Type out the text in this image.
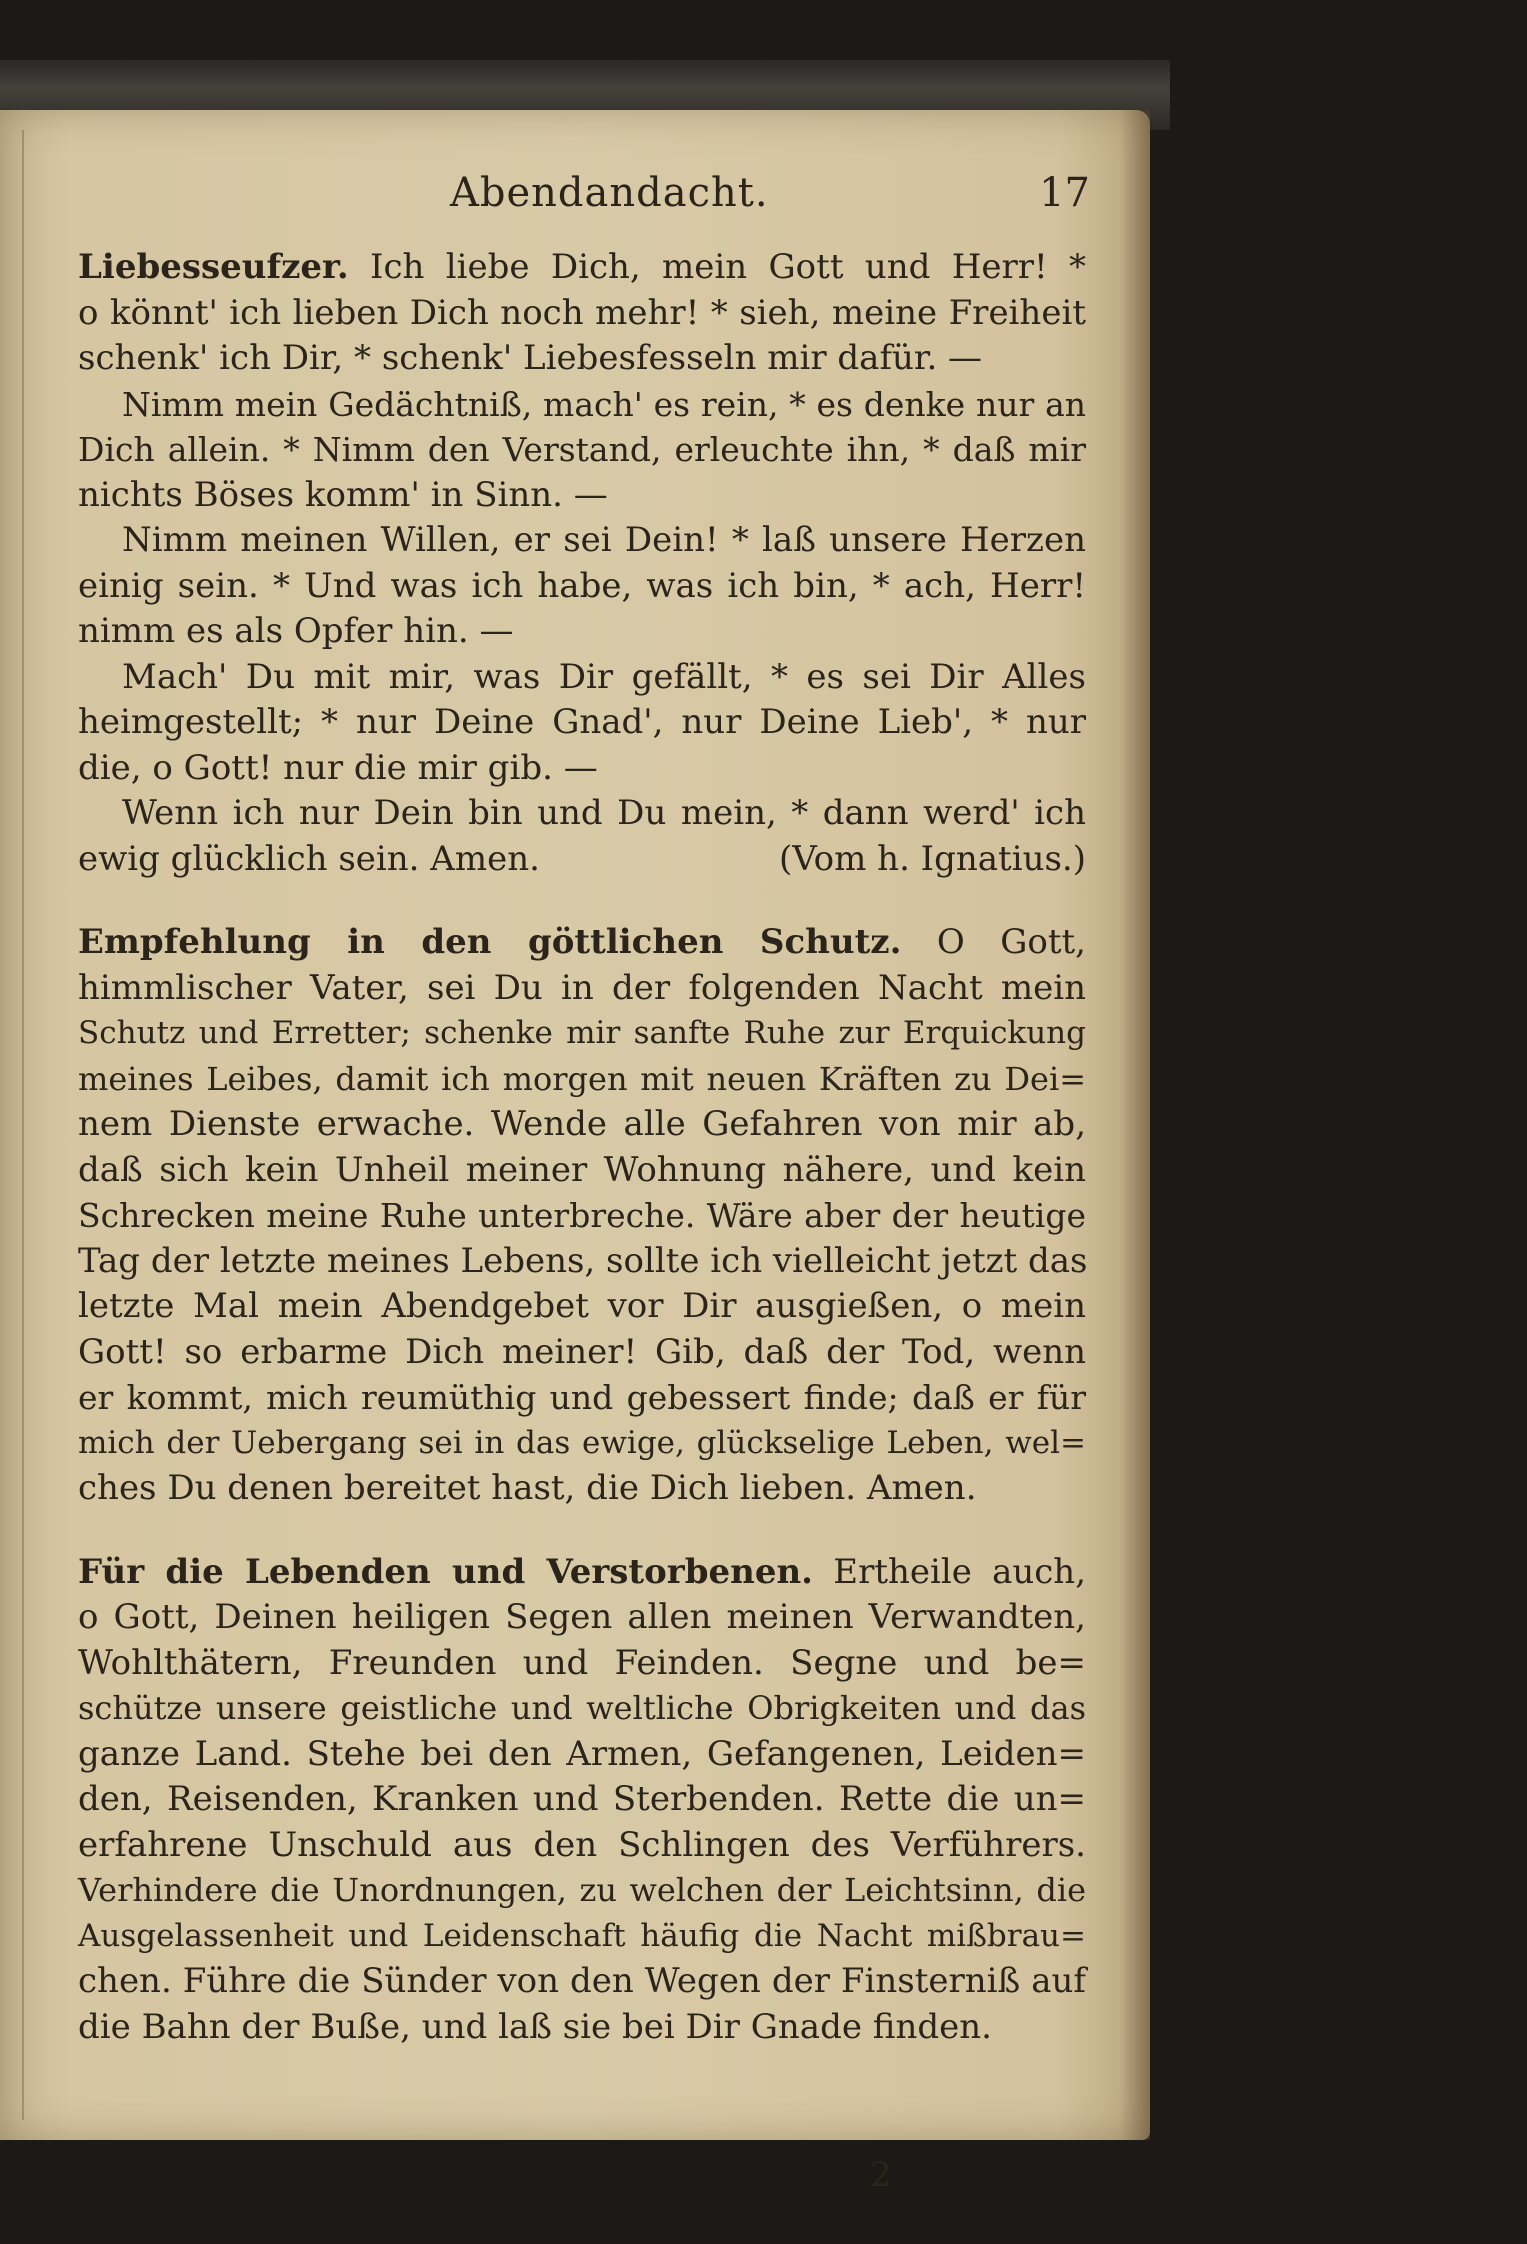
Abendandacht.	17
Liebesseufzer. Ich liebe Dich, mein Gott und Herr! *
o könnt' ich lieben Dich noch mehr! * sieh, meine Freiheit
schenk' ich Dir, * schenk' Liebesfesseln mir dafür. —
Nimm mein Gedächtniß, mach' es rein, * es denke nur an
Dich allein. * Nimm den Verstand, erleuchte ihn, * daß mir
nichts Böses komm' in Sinn. —
Nimm meinen Willen, er sei Dein! * laß unsere Herzen
einig sein. * Und was ich habe, was ich bin, * ach, Herr!
nimm es als Opfer hin. —
Mach' Du mit mir, was Dir gefällt, * es sei Dir Alles
heimgestellt; * nur Deine Gnad', nur Deine Lieb', * nur
die, o Gott! nur die mir gib. —
Wenn ich nur Dein bin und Du mein, * dann werd' ich
ewig glücklich sein. Amen.	(Vom h. Ignatius.)
Empfehlung in den göttlichen Schutz. O Gott,
himmlischer Vater, sei Du in der folgenden Nacht mein
Schutz und Erretter; schenke mir sanfte Ruhe zur Erquickung
meines Leibes, damit ich morgen mit neuen Kräften zu Dei=
nem Dienste erwache. Wende alle Gefahren von mir ab,
daß sich kein Unheil meiner Wohnung nähere, und kein
Schrecken meine Ruhe unterbreche. Wäre aber der heutige
Tag der letzte meines Lebens, sollte ich vielleicht jetzt das
letzte Mal mein Abendgebet vor Dir ausgießen, o mein
Gott! so erbarme Dich meiner! Gib, daß der Tod, wenn
er kommt, mich reumüthig und gebessert finde; daß er für
mich der Uebergang sei in das ewige, glückselige Leben, wel=
ches Du denen bereitet hast, die Dich lieben. Amen.
Für die Lebenden und Verstorbenen. Ertheile auch,
o Gott, Deinen heiligen Segen allen meinen Verwandten,
Wohlthätern, Freunden und Feinden. Segne und be=
schütze unsere geistliche und weltliche Obrigkeiten und das
ganze Land. Stehe bei den Armen, Gefangenen, Leiden=
den, Reisenden, Kranken und Sterbenden. Rette die un=
erfahrene Unschuld aus den Schlingen des Verführers.
Verhindere die Unordnungen, zu welchen der Leichtsinn, die
Ausgelassenheit und Leidenschaft häufig die Nacht mißbrau=
chen. Führe die Sünder von den Wegen der Finsterniß auf
die Bahn der Buße, und laß sie bei Dir Gnade finden.
2
